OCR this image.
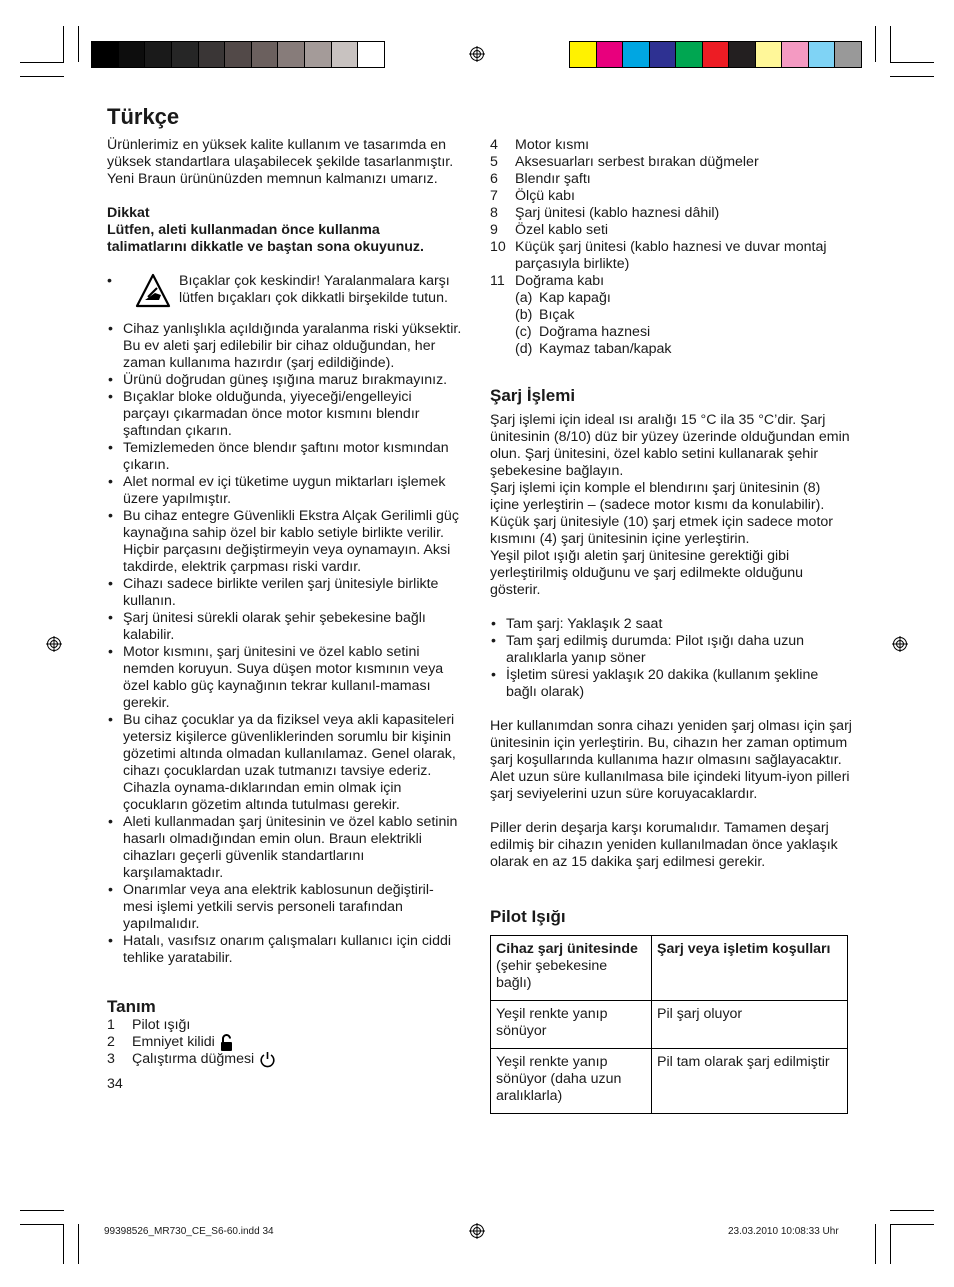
Türkçe

Ürünlerimiz en yüksek kalite kullanım ve tasarımda en yüksek standartlara ulaşabilecek şekilde tasarlanmıştır. Yeni Braun ürününüzden memnun kalmanızı umarız.

Dikkat

Lütfen, aleti kullanmadan önce kullanma talimatlarını dikkatle ve baştan sona okuyunuz.

•	Bıçaklar çok keskindir! Yaralanmalara karşı lütfen bıçakları çok dikkatli birşekilde tutun.

• Cihaz yanlışlıkla açıldığında yaralanma riski yüksektir. Bu ev aleti şarj edilebilir bir cihaz olduğundan, her zaman kullanıma hazırdır (şarj edildiğinde).
• Ürünü doğrudan güneş ışığına maruz bırakmayınız.
• Bıçaklar bloke olduğunda, yiyeceği/engelleyici parçayı çıkarmadan önce motor kısmını blendır şaftından çıkarın.
• Temizlemeden önce blendır şaftını motor kısmından çıkarın.
• Alet normal ev içi tüketime uygun miktarları işlemek üzere yapılmıştır.
• Bu cihaz entegre Güvenlikli Ekstra Alçak Gerilimli güç kaynağına sahip özel bir kablo setiyle birlikte verilir. Hiçbir parçasını değiştirmeyin veya oynamayın. Aksi takdirde, elektrik çarpması riski vardır.
• Cihazı sadece birlikte verilen şarj ünitesiyle birlikte kullanın.
• Şarj ünitesi sürekli olarak şehir şebekesine bağlı kalabilir.
• Motor kısmını, şarj ünitesini ve özel kablo setini nemden koruyun. Suya düşen motor kısmının veya özel kablo güç kaynağının tekrar kullanıl-maması gerekir.
• Bu cihaz çocuklar ya da fiziksel veya akli kapasiteleri yetersiz kişilerce güvenliklerinden sorumlu bir kişinin gözetimi altında olmadan kullanılamaz. Genel olarak, cihazı çocuklardan uzak tutmanızı tavsiye ederiz. Cihazla oynama-dıklarından emin olmak için çocukların gözetim altında tutulması gerekir.
• Aleti kullanmadan şarj ünitesinin ve özel kablo setinin hasarlı olmadığından emin olun. Braun elektrikli cihazları geçerli güvenlik standartlarını karşılamaktadır.
• Onarımlar veya ana elektrik kablosunun değiştiril-mesi işlemi yetkili servis personeli tarafından yapılmalıdır.
• Hatalı, vasıfsız onarım çalışmaları kullanıcı için ciddi tehlike yaratabilir.
Tanım
1	Pilot ışığı
2	Emniyet kilidi
3	Çalıştırma düğmesi

34

4	Motor kısmı
5	Aksesuarları serbest bırakan düğmeler
6	Blendır şaftı
7	Ölçü kabı
8	Şarj ünitesi (kablo haznesi dâhil)
9	Özel kablo seti
10 Küçük şarj ünitesi (kablo haznesi ve duvar montaj parçasıyla birlikte)
11 Doğrama kabı
(a) Kap kapağı
(b) Bıçak
(c) Doğrama haznesi
(d) Kaymaz taban/kapak
Şarj İşlemi

Şarj işlemi için ideal ısı aralığı 15 °C ila 35 °C’dir. Şarj ünitesinin (8/10) düz bir yüzey üzerinde olduğundan emin olun. Şarj ünitesini, özel kablo setini kullanarak şehir şebekesine bağlayın.

Şarj işlemi için komple el blendırını şarj ünitesinin (8) içine yerleştirin – (sadece motor kısmı da konulabilir).

Küçük şarj ünitesiyle (10) şarj etmek için sadece motor kısmını (4) şarj ünitesinin içine yerleştirin.

Yeşil pilot ışığı aletin şarj ünitesine gerektiği gibi yerleştirilmiş olduğunu ve şarj edilmekte olduğunu gösterir.

• Tam şarj: Yaklaşık 2 saat
• Tam şarj edilmiş durumda: Pilot ışığı daha uzun aralıklarla yanıp söner
• İşletim süresi yaklaşık 20 dakika (kullanım şekline bağlı olarak)

Her kullanımdan sonra cihazı yeniden şarj olması için şarj ünitesinin için yerleştirin. Bu, cihazın her zaman optimum şarj koşullarında kullanıma hazır olmasını sağlayacaktır. Alet uzun süre kullanılmasa bile içindeki lityum-iyon pilleri şarj seviyelerini uzun süre koruyacaklardır.

Piller derin deşarja karşı korumalıdır. Tamamen deşarj edilmiş bir cihazın yeniden kullanılmadan önce yaklaşık olarak en az 15 dakika şarj edilmesi gerekir.

Pilot Işığı
Cihaz şarj ünitesinde (şehir şebekesine bağlı)	Şarj veya işletim koşulları
Yeşil renkte yanıp sönüyor	Pil şarj oluyor
Yeşil renkte yanıp sönüyor (daha uzun aralıklarla)	Pil tam olarak şarj edilmiştir
99398526_MR730_CE_S6-60.indd 34	23.03.2010 10:08:33 Uhr
